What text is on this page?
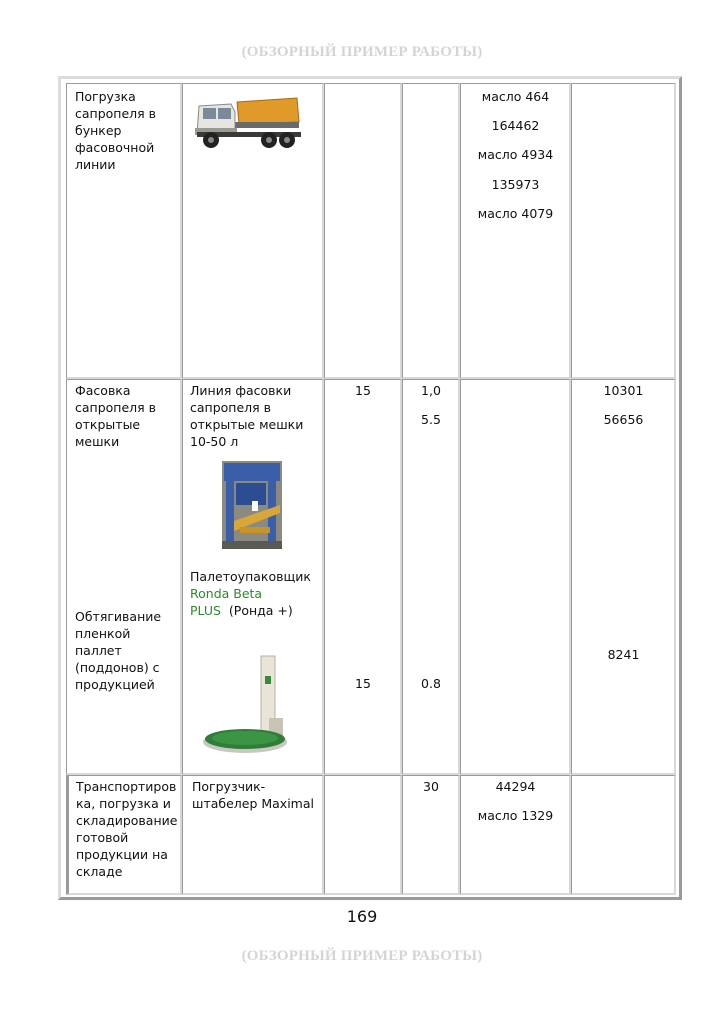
(ОБЗОРНЫЙ ПРИМЕР РАБОТЫ)
Погрузка
сапропеля в
бункер
фасовочной
линии
масло 464
164462
масло 4934
135973
масло 4079
Фасовка
сапропеля в
открытые
мешки
Обтягивание
пленкой
паллет
(поддонов) с
продукцией
Линия фасовки
сапропеля в
открытые мешки
10-50 л
Палетоупаковщик
Ronda Beta
PLUS (Ронда +)
15
15
1,0
5.5
0.8
10301
56656
8241
Транспортиров
ка, погрузка и
складирование
готовой
продукции на
складе
Погрузчик-
штабелер Maximal
30	44294
масло 1329
169
(ОБЗОРНЫЙ ПРИМЕР РАБОТЫ)
